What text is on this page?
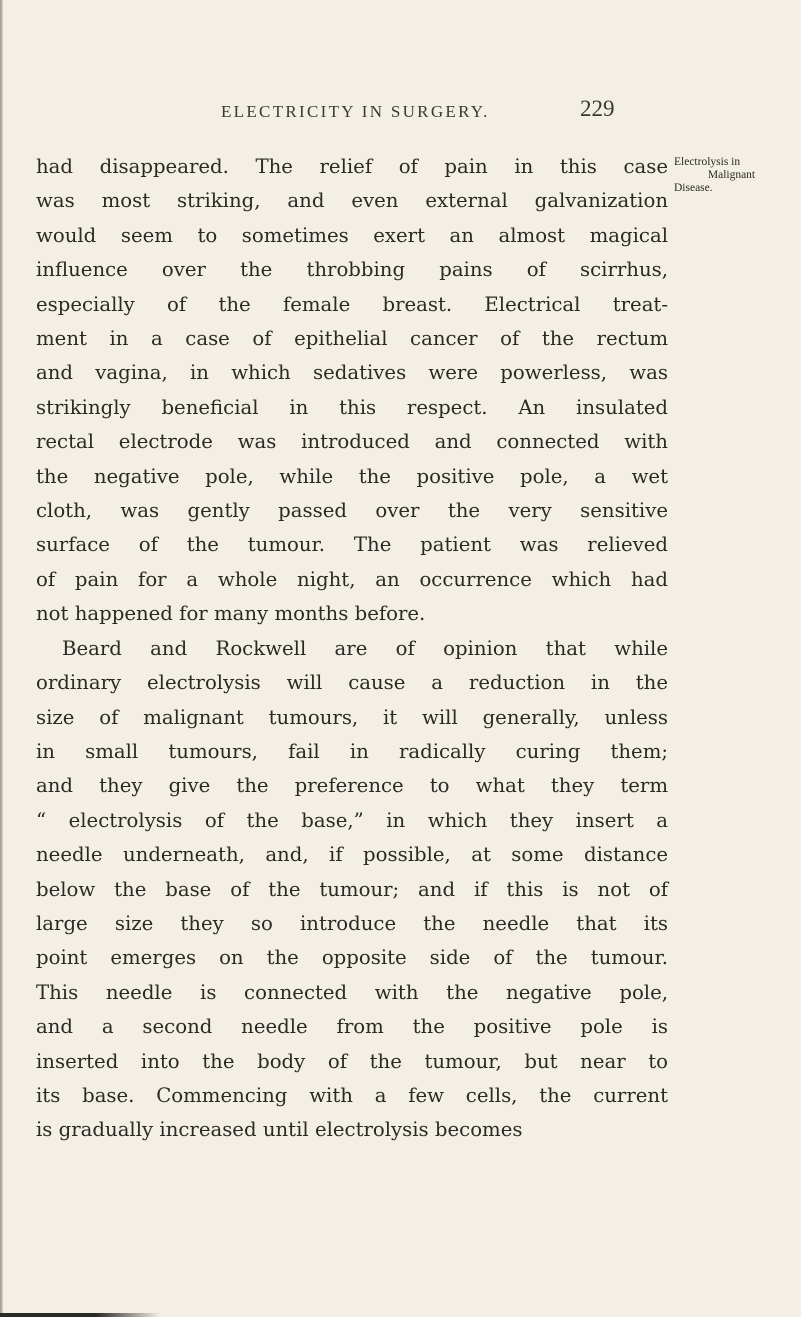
ELECTRICITY IN SURGERY.	229
Electrolysis in
Malignant
Disease.
had disappeared. The relief of pain in this case
was most striking, and even external galvanization
would seem to sometimes exert an almost magical
influence over the throbbing pains of scirrhus,
especially of the female breast. Electrical treat-
ment in a case of epithelial cancer of the rectum
and vagina, in which sedatives were powerless, was
strikingly beneficial in this respect. An insulated
rectal electrode was introduced and connected with
the negative pole, while the positive pole, a wet
cloth, was gently passed over the very sensitive
surface of the tumour. The patient was relieved
of pain for a whole night, an occurrence which had
not happened for many months before.
Beard and Rockwell are of opinion that while
ordinary electrolysis will cause a reduction in the
size of malignant tumours, it will generally, unless
in small tumours, fail in radically curing them;
and they give the preference to what they term
“ electrolysis of the base,” in which they insert a
needle underneath, and, if possible, at some distance
below the base of the tumour; and if this is not of
large size they so introduce the needle that its
point emerges on the opposite side of the tumour.
This needle is connected with the negative pole,
and a second needle from the positive pole is
inserted into the body of the tumour, but near to
its base. Commencing with a few cells, the current
is gradually increased until electrolysis becomes
